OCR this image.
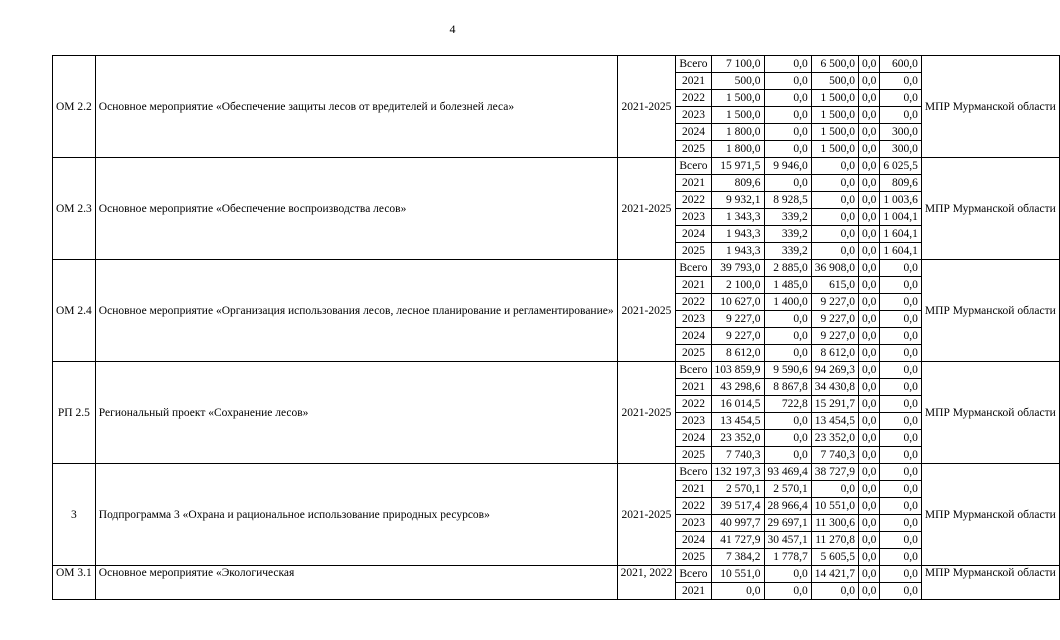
4
ОМ 2.2	Основное мероприятие «Обеспечение защиты лесов от вредителей и болезней леса»	2021-2025	Всего	7 100,0	0,0	6 500,0	0,0	600,0	МПР Мурманской области
			2021	500,0	0,0	500,0	0,0	0,0	
			2022	1 500,0	0,0	1 500,0	0,0	0,0	
			2023	1 500,0	0,0	1 500,0	0,0	0,0	
			2024	1 800,0	0,0	1 500,0	0,0	300,0	
			2025	1 800,0	0,0	1 500,0	0,0	300,0	
ОМ 2.3	Основное мероприятие «Обеспечение воспроизводства лесов»	2021-2025	Всего	15 971,5	9 946,0	0,0	0,0	6 025,5	МПР Мурманской области
			2021	809,6	0,0	0,0	0,0	809,6	
			2022	9 932,1	8 928,5	0,0	0,0	1 003,6	
			2023	1 343,3	339,2	0,0	0,0	1 004,1	
			2024	1 943,3	339,2	0,0	0,0	1 604,1	
			2025	1 943,3	339,2	0,0	0,0	1 604,1	
ОМ 2.4	Основное мероприятие «Организация использования лесов, лесное планирование и регламентирование»	2021-2025	Всего	39 793,0	2 885,0	36 908,0	0,0	0,0	МПР Мурманской области
			2021	2 100,0	1 485,0	615,0	0,0	0,0	
			2022	10 627,0	1 400,0	9 227,0	0,0	0,0	
			2023	9 227,0	0,0	9 227,0	0,0	0,0	
			2024	9 227,0	0,0	9 227,0	0,0	0,0	
			2025	8 612,0	0,0	8 612,0	0,0	0,0	
РП 2.5	Региональный проект «Сохранение лесов»	2021-2025	Всего	103 859,9	9 590,6	94 269,3	0,0	0,0	МПР Мурманской области
			2021	43 298,6	8 867,8	34 430,8	0,0	0,0	
			2022	16 014,5	722,8	15 291,7	0,0	0,0	
			2023	13 454,5	0,0	13 454,5	0,0	0,0	
			2024	23 352,0	0,0	23 352,0	0,0	0,0	
			2025	7 740,3	0,0	7 740,3	0,0	0,0	
3	Подпрограмма 3 «Охрана и рациональное использование природных ресурсов»	2021-2025	Всего	132 197,3	93 469,4	38 727,9	0,0	0,0	МПР Мурманской области
			2021	2 570,1	2 570,1	0,0	0,0	0,0	
			2022	39 517,4	28 966,4	10 551,0	0,0	0,0	
			2023	40 997,7	29 697,1	11 300,6	0,0	0,0	
			2024	41 727,9	30 457,1	11 270,8	0,0	0,0	
			2025	7 384,2	1 778,7	5 605,5	0,0	0,0	
ОМ 3.1	Основное мероприятие «Экологическая	2021, 2022	Всего	10 551,0	0,0	14 421,7	0,0	0,0	МПР Мурманской области
			2021	0,0	0,0	0,0	0,0	0,0	
